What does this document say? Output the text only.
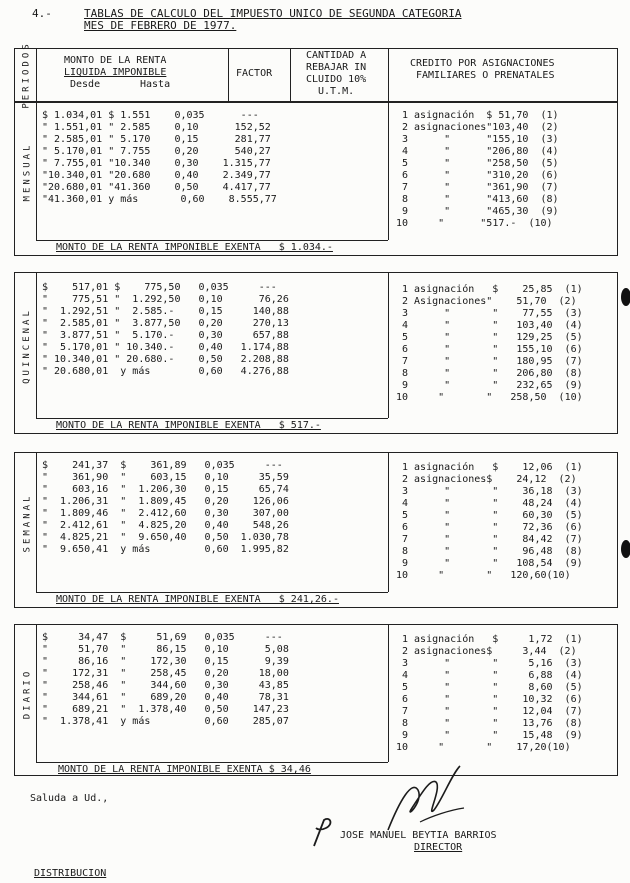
4.-	TABLAS DE CALCULO DEL IMPUESTO UNICO DE SEGUNDA CATEGORIA
MES DE FEBRERO DE 1977.
PERIODOS	MONTO DE LA RENTA
LIQUIDA IMPONIBLE
Desde	Hasta
FACTOR
CANTIDAD A
REBAJAR IN
CLUIDO 10%
U.T.M.
CREDITO POR ASIGNACIONES
FAMILIARES O PRENATALES
MENSUAL
$ 1.034,01 $ 1.551    0,035      ---
" 1.551,01 " 2.585    0,10      152,52
" 2.585,01 " 5.170    0,15      281,77
" 5.170,01 " 7.755    0,20      540,27
" 7.755,01 "10.340    0,30    1.315,77
"10.340,01 "20.680    0,40    2.349,77
"20.680,01 "41.360    0,50    4.417,77
"41.360,01 y más       0,60    8.555,77
1 asignación  $ 51,70  (1)
2 asignaciones"103,40  (2)
3      "      "155,10  (3)
4      "      "206,80  (4)
5      "      "258,50  (5)
6      "      "310,20  (6)
7      "      "361,90  (7)
8      "      "413,60  (8)
9      "      "465,30  (9)
10     "      "517.-  (10)
MONTO DE LA RENTA IMPONIBLE EXENTA   $ 1.034.-
QUINCENAL
$    517,01 $    775,50   0,035     ---
"    775,51 "  1.292,50   0,10      76,26
"  1.292,51 "  2.585.-    0,15     140,88
"  2.585,01 "  3.877,50   0,20     270,13
"  3.877,51 "  5.170.-    0,30     657,88
"  5.170,01 " 10.340.-    0,40   1.174,88
" 10.340,01 " 20.680.-    0,50   2.208,88
" 20.680,01  y más        0,60   4.276,88
1 asignación   $    25,85  (1)
2 Asignaciones"    51,70  (2)
3      "       "    77,55  (3)
4      "       "   103,40  (4)
5      "       "   129,25  (5)
6      "       "   155,10  (6)
7      "       "   180,95  (7)
8      "       "   206,80  (8)
9      "       "   232,65  (9)
10     "       "   258,50  (10)
MONTO DE LA RENTA IMPONIBLE EXENTA   $ 517.-
SEMANAL
$    241,37  $    361,89   0,035     ---
"    361,90  "    603,15   0,10     35,59
"    603,16  "  1.206,30   0,15     65,74
"  1.206,31  "  1.809,45   0,20    126,06
"  1.809,46  "  2.412,60   0,30    307,00
"  2.412,61  "  4.825,20   0,40    548,26
"  4.825,21  "  9.650,40   0,50  1.030,78
"  9.650,41  y más         0,60  1.995,82
1 asignación   $    12,06  (1)
2 asignaciones$    24,12  (2)
3      "       "    36,18  (3)
4      "       "    48,24  (4)
5      "       "    60,30  (5)
6      "       "    72,36  (6)
7      "       "    84,42  (7)
8      "       "    96,48  (8)
9      "       "   108,54  (9)
10     "       "   120,60(10)
MONTO DE LA RENTA IMPONIBLE EXENTA   $ 241,26.-
DIARIO
$     34,47  $     51,69   0,035     ---
"     51,70  "     86,15   0,10      5,08
"     86,16  "    172,30   0,15      9,39
"    172,31  "    258,45   0,20     18,00
"    258,46  "    344,60   0,30     43,85
"    344,61  "    689,20   0,40     78,31
"    689,21  "  1.378,40   0,50    147,23
"  1.378,41  y más         0,60    285,07
1 asignación   $     1,72  (1)
2 asignaciones$     3,44  (2)
3      "       "     5,16  (3)
4      "       "     6,88  (4)
5      "       "     8,60  (5)
6      "       "    10,32  (6)
7      "       "    12,04  (7)
8      "       "    13,76  (8)
9      "       "    15,48  (9)
10     "       "    17,20(10)
MONTO DE LA RENTA IMPONIBLE EXENTA $ 34,46
Saluda a Ud.,
JOSE MANUEL BEYTIA BARRIOS
DIRECTOR
DISTRIBUCION
